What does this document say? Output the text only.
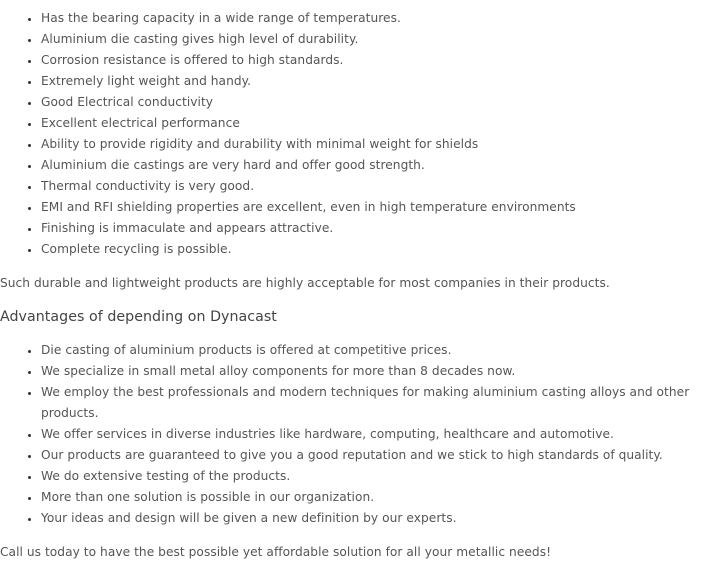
• Has the bearing capacity in a wide range of temperatures.
• Aluminium die casting gives high level of durability.
• Corrosion resistance is offered to high standards.
• Extremely light weight and handy.
• Good Electrical conductivity
• Excellent electrical performance
• Ability to provide rigidity and durability with minimal weight for shields
• Aluminium die castings are very hard and offer good strength.
• Thermal conductivity is very good.
• EMI and RFI shielding properties are excellent, even in high temperature environments
• Finishing is immaculate and appears attractive.
• Complete recycling is possible.

Such durable and lightweight products are highly acceptable for most companies in their products.

Advantages of depending on Dynacast
• Die casting of aluminium products is offered at competitive prices.
• We specialize in small metal alloy components for more than 8 decades now.
• We employ the best professionals and modern techniques for making aluminium casting alloys and other products.
• We offer services in diverse industries like hardware, computing, healthcare and automotive.
• Our products are guaranteed to give you a good reputation and we stick to high standards of quality.
• We do extensive testing of the products.
• More than one solution is possible in our organization.
• Your ideas and design will be given a new definition by our experts.

Call us today to have the best possible yet affordable solution for all your metallic needs!
